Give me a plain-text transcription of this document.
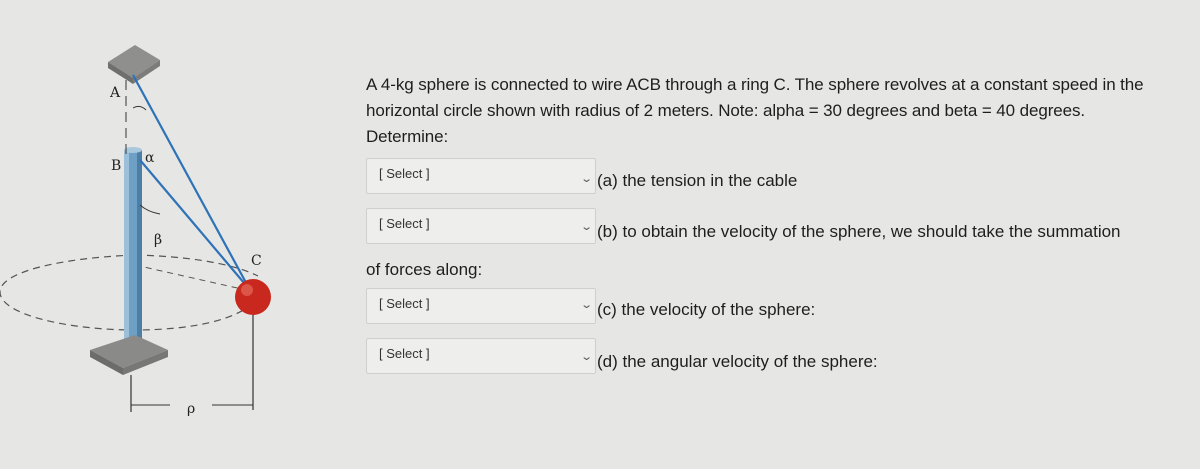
A
B
C
α
β
ρ
A 4-kg sphere is connected to wire ACB through a ring C. The sphere revolves at a constant speed in the horizontal circle shown with radius of 2 meters. Note: alpha = 30 degrees and beta = 40 degrees. Determine:
[ Select ]	⌄ (a) the tension in the cable
[ Select ]	⌄ (b) to obtain the velocity of the sphere, we should take the summation
of forces along:
[ Select ]	⌄ (c) the velocity of the sphere:
[ Select ]	⌄ (d) the angular velocity of the sphere:
